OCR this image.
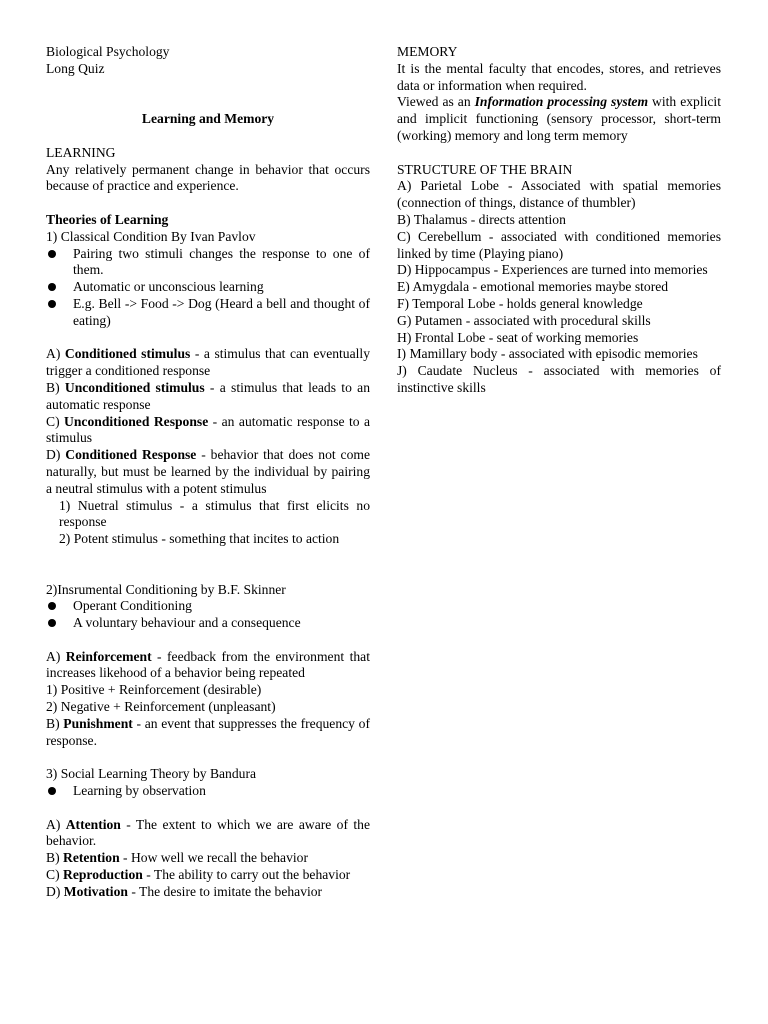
Biological Psychology

Long Quiz

Learning and Memory

LEARNING

Any relatively permanent change in behavior that occurs because of practice and experience.

Theories of Learning

1) Classical Condition By Ivan Pavlov

Pairing two stimuli changes the response to one of them.
Automatic or unconscious learning
E.g. Bell -> Food -> Dog (Heard a bell and thought of eating)

A) Conditioned stimulus - a stimulus that can eventually trigger a conditioned response

B) Unconditioned stimulus - a stimulus that leads to an automatic response

C) Unconditioned Response - an automatic response to a stimulus

D) Conditioned Response - behavior that does not come naturally, but must be learned by the individual by pairing a neutral stimulus with a potent stimulus

1) Nuetral stimulus - a stimulus that first elicits no response

2) Potent stimulus - something that incites to action

2)Insrumental Conditioning by B.F. Skinner

Operant Conditioning
A voluntary behaviour and a consequence

A) Reinforcement - feedback from the environment that increases likehood of a behavior being repeated

1) Positive + Reinforcement (desirable)

2) Negative + Reinforcement (unpleasant)

B) Punishment - an event that suppresses the frequency of response.

3) Social Learning Theory by Bandura

Learning by observation

A) Attention - The extent to which we are aware of the behavior.

B) Retention - How well we recall the behavior

C) Reproduction - The ability to carry out the behavior

D) Motivation - The desire to imitate the behavior

MEMORY

It is the mental faculty that encodes, stores, and retrieves data or information when required.

Viewed as an Information processing system with explicit and implicit functioning (sensory processor, short-term (working) memory and long term memory

STRUCTURE OF THE BRAIN

A) Parietal Lobe - Associated with spatial memories (connection of things, distance of thumbler)

B) Thalamus - directs attention

C) Cerebellum - associated with conditioned memories linked by time (Playing piano)

D) Hippocampus - Experiences are turned into memories

E) Amygdala - emotional memories maybe stored

F) Temporal Lobe - holds general knowledge

G) Putamen - associated with procedural skills

H) Frontal Lobe - seat of working memories

I) Mamillary body - associated with episodic memories

J) Caudate Nucleus - associated with memories of instinctive skills
